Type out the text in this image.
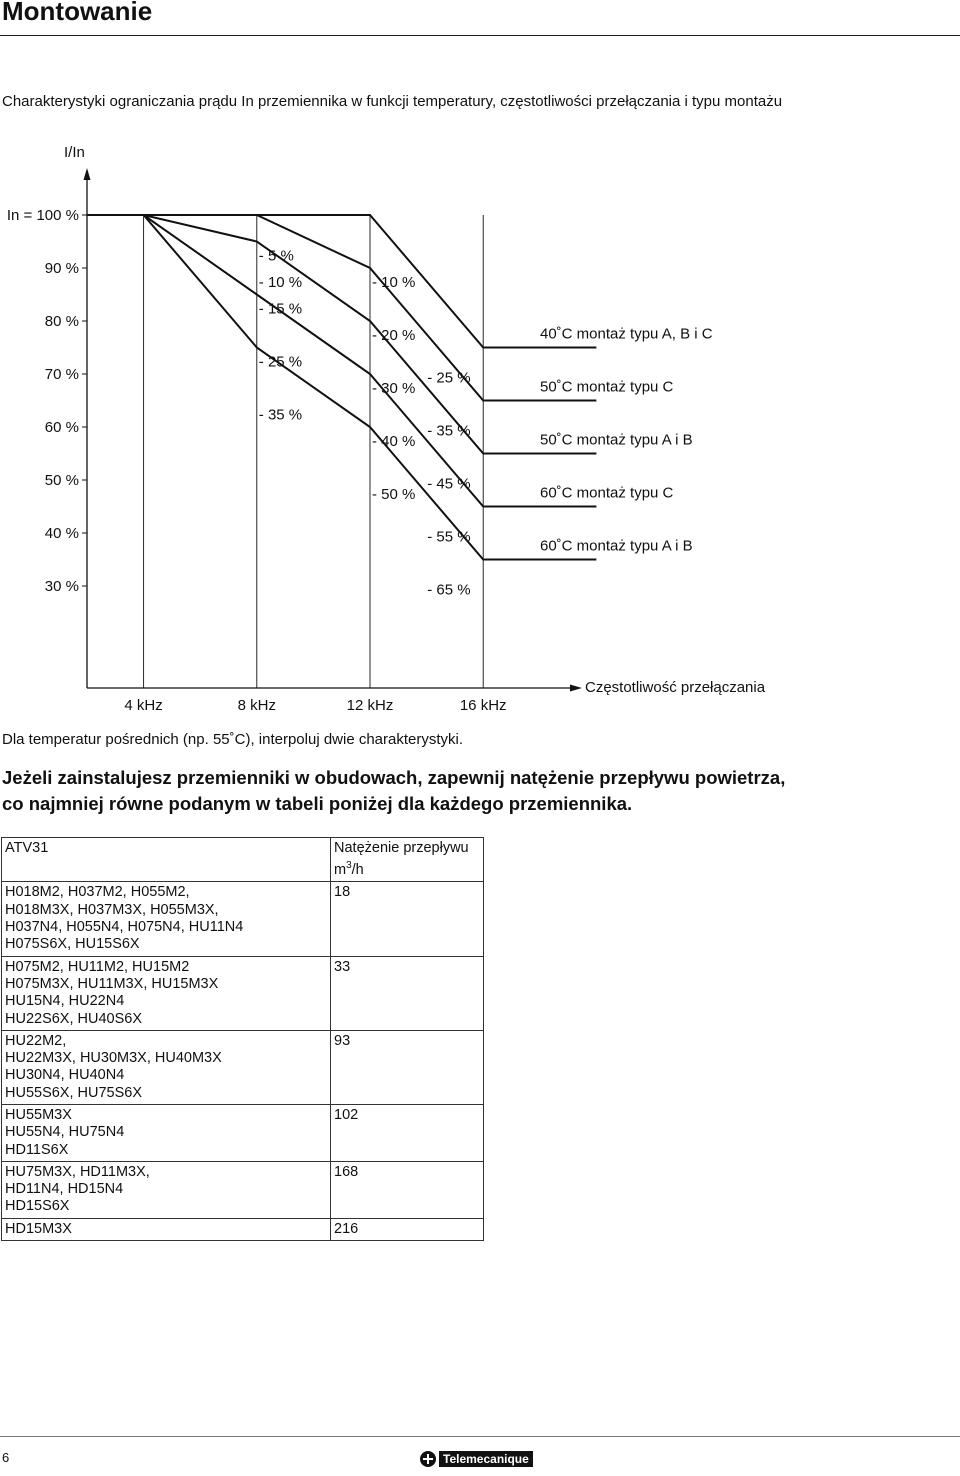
Montowanie
Charakterystyki ograniczania prądu In przemiennika w funkcji temperatury, częstotliwości przełączania i typu montażu
I/In
Częstotliwość przełączania
In = 100 %
90 %
80 %
70 %
60 %
50 %
40 %
30 %
4 kHz	8 kHz	12 kHz	16 kHz
40˚C montaż typu A, B i C
50˚C montaż typu C
50˚C montaż typu A i B
60˚C montaż typu C
60˚C montaż typu A i B
- 5 %
- 10 %
- 15 %
- 25 %
- 35 %
- 10 %
- 20 %
- 30 %
- 40 %
- 50 %
- 25 %
- 35 %
- 45 %
- 55 %
- 65 %
Dla temperatur pośrednich (np. 55˚C), interpoluj dwie charakterystyki.
Jeżeli zainstalujesz przemienniki w obudowach, zapewnij natężenie przepływu powietrza,
co najmniej równe podanym w tabeli poniżej dla każdego przemiennika.
ATV31	Natężenie przepływu
$m^3/h$

H018M2, H037M2, H055M2,
H018M3X, H037M3X, H055M3X,
H037N4, H055N4, H075N4, HU11N4
H075S6X, HU15S6X	18

H075M2, HU11M2, HU15M2
H075M3X, HU11M3X, HU15M3X
HU15N4, HU22N4
HU22S6X, HU40S6X	33

HU22M2,
HU22M3X, HU30M3X, HU40M3X
HU30N4, HU40N4
HU55S6X, HU75S6X	93

HU55M3X
HU55N4, HU75N4
HD11S6X	102

HU75M3X, HD11M3X,
HD11N4, HD15N4
HD15S6X	168

HD15M3X	216
6	Telemecanique
